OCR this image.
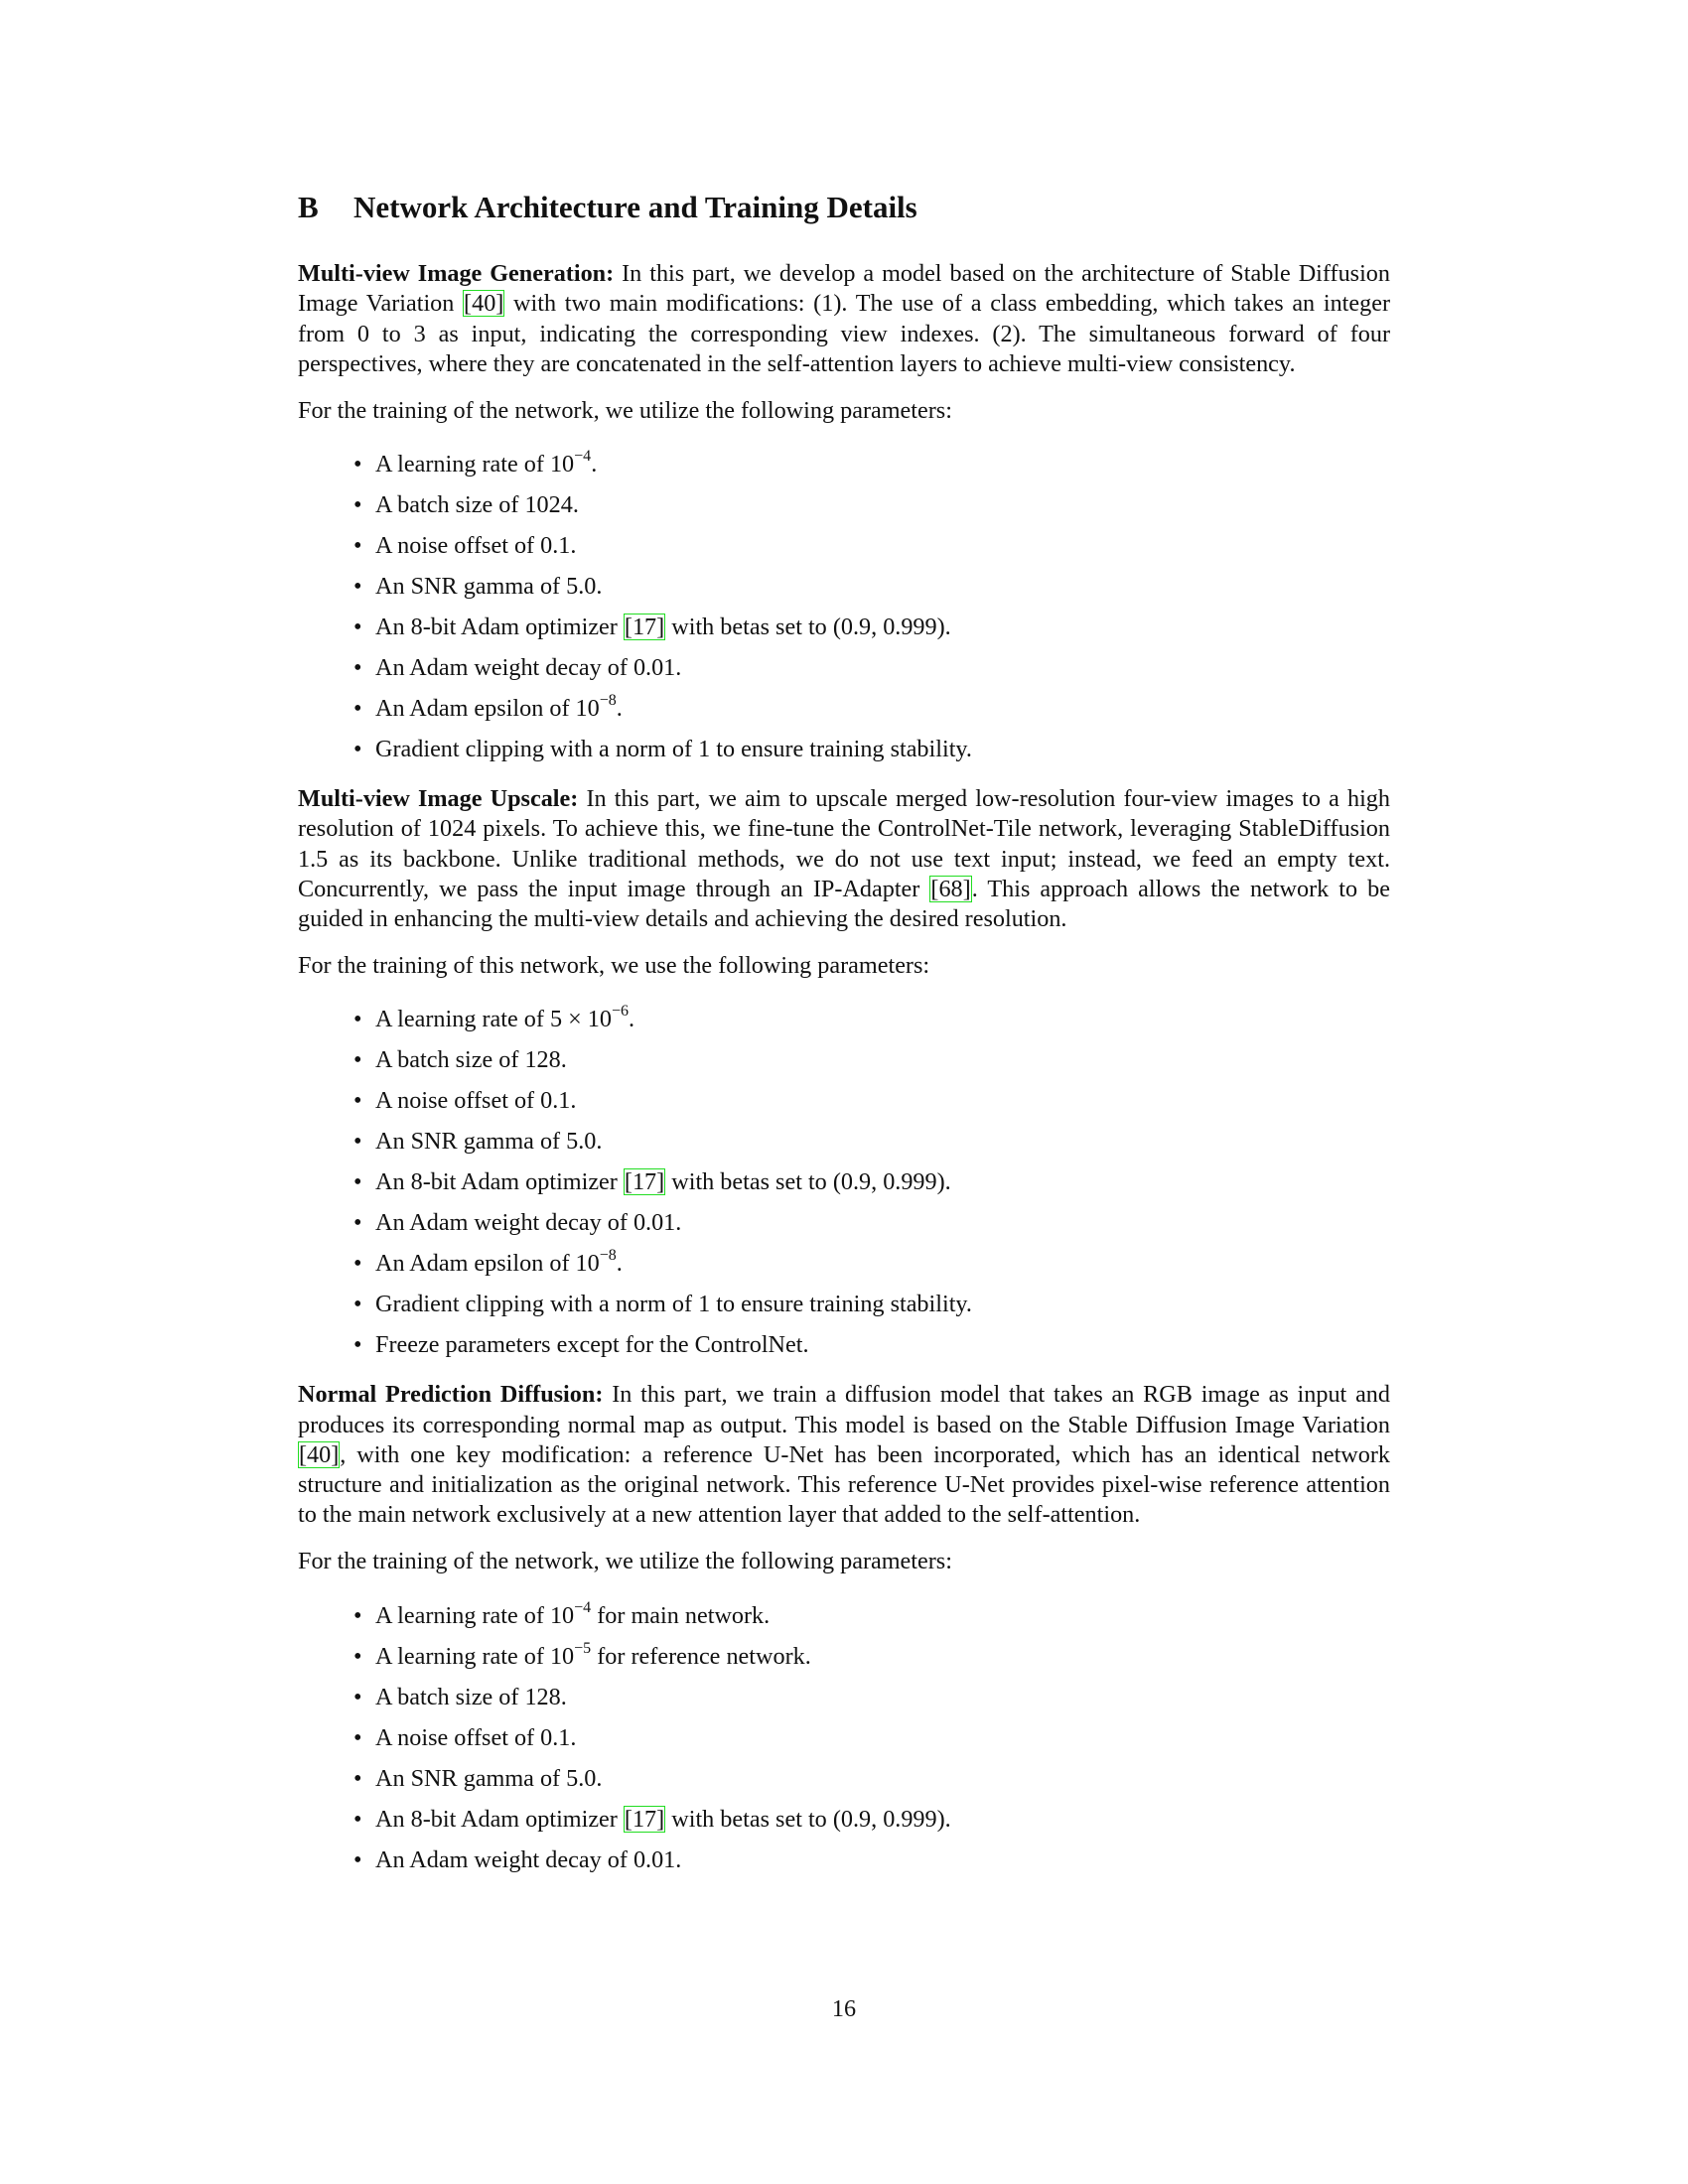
B Network Architecture and Training Details

Multi-view Image Generation: In this part, we develop a model based on the architecture of Stable Diffusion Image Variation [40] with two main modifications: (1). The use of a class embedding, which takes an integer from 0 to 3 as input, indicating the corresponding view indexes. (2). The simultaneous forward of four perspectives, where they are concatenated in the self-attention layers to achieve multi-view consistency.

For the training of the network, we utilize the following parameters:

• A learning rate of $10^{-4}$.
• A batch size of 1024.
• A noise offset of 0.1.
• An SNR gamma of 5.0.
• An 8-bit Adam optimizer [17] with betas set to (0.9, 0.999).
• An Adam weight decay of 0.01.
• An Adam epsilon of $10^{-8}$.
• Gradient clipping with a norm of 1 to ensure training stability.

Multi-view Image Upscale: In this part, we aim to upscale merged low-resolution four-view images to a high resolution of 1024 pixels. To achieve this, we fine-tune the ControlNet-Tile network, leveraging StableDiffusion 1.5 as its backbone. Unlike traditional methods, we do not use text input; instead, we feed an empty text. Concurrently, we pass the input image through an IP-Adapter [68]. This approach allows the network to be guided in enhancing the multi-view details and achieving the desired resolution.

For the training of this network, we use the following parameters:

• A learning rate of $5 \times 10^{-6}$.
• A batch size of 128.
• A noise offset of 0.1.
• An SNR gamma of 5.0.
• An 8-bit Adam optimizer [17] with betas set to (0.9, 0.999).
• An Adam weight decay of 0.01.
• An Adam epsilon of $10^{-8}$.
• Gradient clipping with a norm of 1 to ensure training stability.
• Freeze parameters except for the ControlNet.

Normal Prediction Diffusion: In this part, we train a diffusion model that takes an RGB image as input and produces its corresponding normal map as output. This model is based on the Stable Diffusion Image Variation [40], with one key modification: a reference U-Net has been incorporated, which has an identical network structure and initialization as the original network. This reference U-Net provides pixel-wise reference attention to the main network exclusively at a new attention layer that added to the self-attention.

For the training of the network, we utilize the following parameters:

• A learning rate of $10^{-4}$ for main network.
• A learning rate of $10^{-5}$ for reference network.
• A batch size of 128.
• A noise offset of 0.1.
• An SNR gamma of 5.0.
• An 8-bit Adam optimizer [17] with betas set to (0.9, 0.999).
• An Adam weight decay of 0.01.
16
